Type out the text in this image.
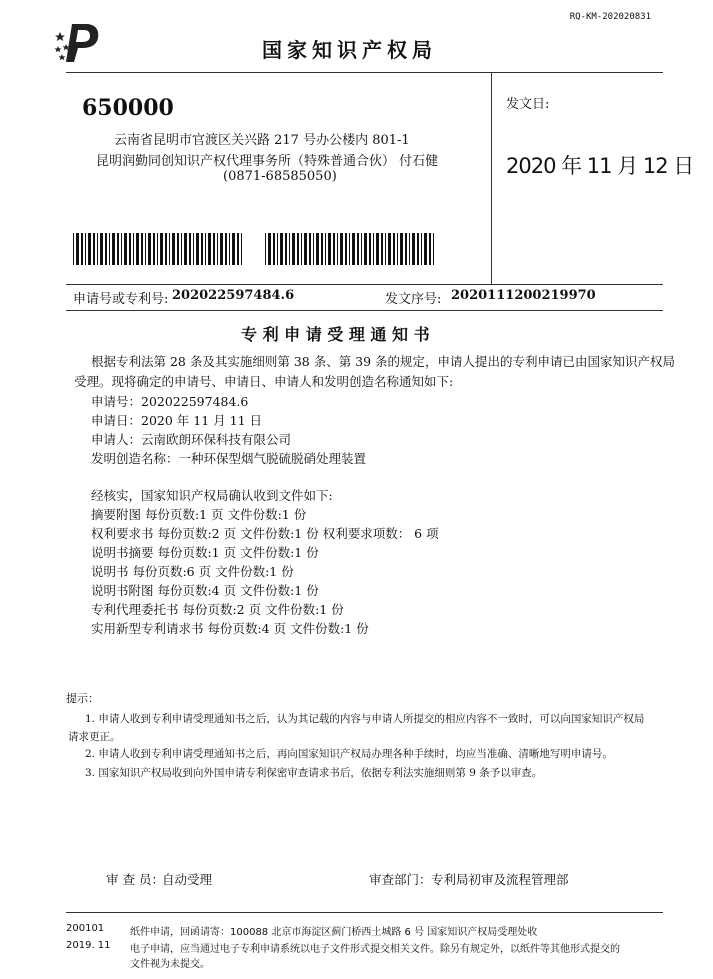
RQ-KM-202020831
国家知识产权局
650000
云南省昆明市官渡区关兴路 217 号办公楼内 801-1
昆明润勤同创知识产权代理事务所（特殊普通合伙） 付石健
(0871-68585050)
发文日:
2020 年 11 月 12 日
申请号或专利号: 202022597484.6	发文序号: 2020111200219970
专 利 申 请 受 理 通 知 书
根据专利法第 28 条及其实施细则第 38 条、第 39 条的规定，申请人提出的专利申请已由国家知识产权局
受理。现将确定的申请号、申请日、申请人和发明创造名称通知如下:
申请号：202022597484.6
申请日：2020 年 11 月 11 日
申请人：云南欧朗环保科技有限公司
发明创造名称：一种环保型烟气脱硫脱硝处理装置
经核实，国家知识产权局确认收到文件如下:
摘要附图 每份页数:1 页 文件份数:1 份
权利要求书 每份页数:2 页 文件份数:1 份 权利要求项数： 6 项
说明书摘要 每份页数:1 页 文件份数:1 份
说明书 每份页数:6 页 文件份数:1 份
说明书附图 每份页数:4 页 文件份数:1 份
专利代理委托书 每份页数:2 页 文件份数:1 份
实用新型专利请求书 每份页数:4 页 文件份数:1 份
提示：
1. 申请人收到专利申请受理通知书之后，认为其记载的内容与申请人所提交的相应内容不一致时，可以向国家知识产权局
请求更正。
2. 申请人收到专利申请受理通知书之后，再向国家知识产权局办理各种手续时，均应当准确、清晰地写明申请号。
3. 国家知识产权局收到向外国申请专利保密审查请求书后，依据专利法实施细则第 9 条予以审查。
审 查 员：
自动受理	审查部门： 专利局初审及流程管理部
200101
2019. 11
纸件申请，回函请寄：100088 北京市海淀区蓟门桥西土城路 6 号 国家知识产权局受理处收
电子申请，应当通过电子专利申请系统以电子文件形式提交相关文件。除另有规定外，以纸件等其他形式提交的
文件视为未提交。
